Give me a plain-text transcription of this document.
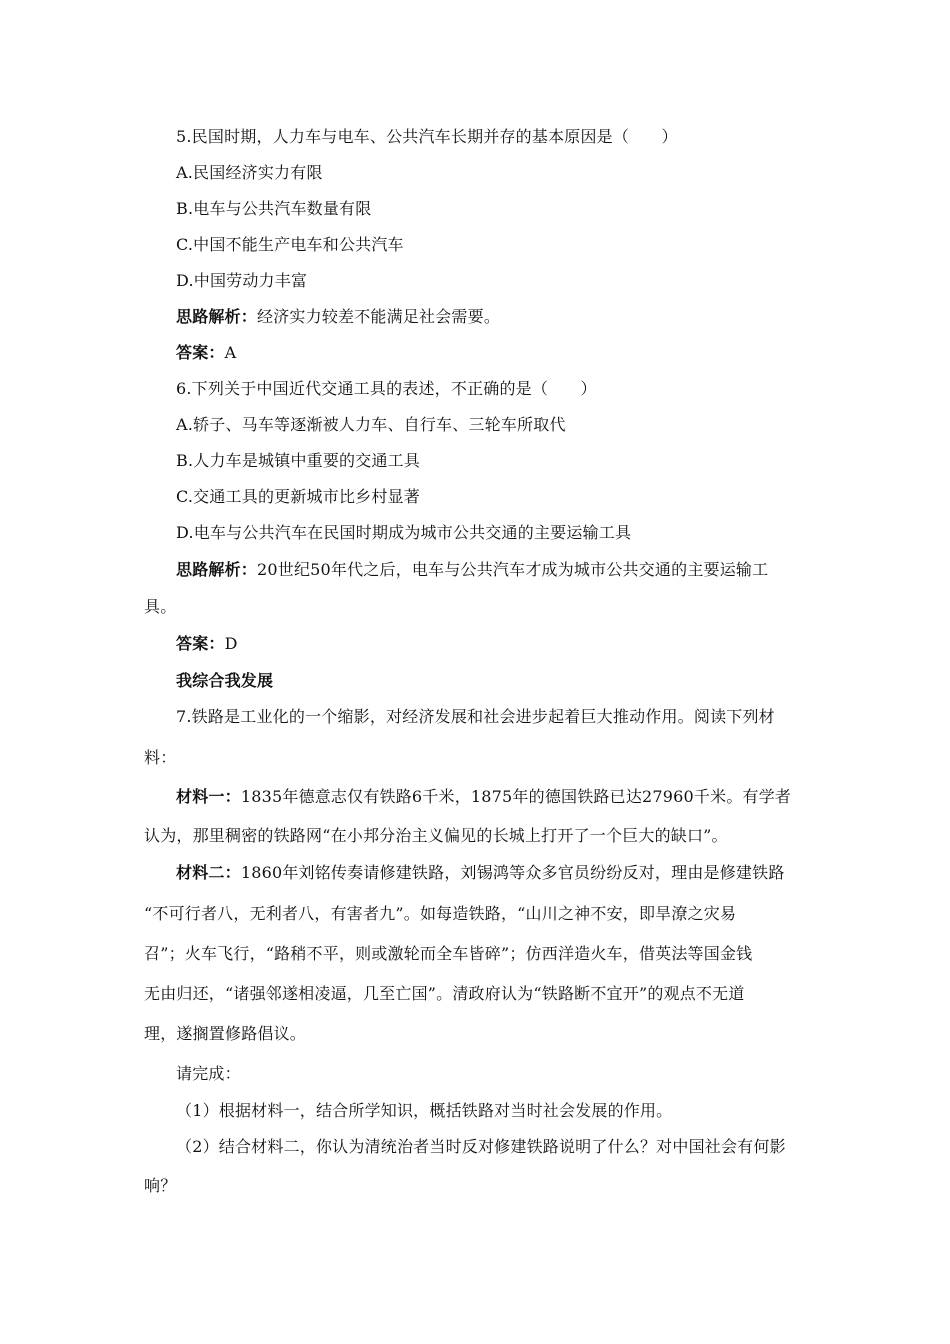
5.民国时期，人力车与电车、公共汽车长期并存的基本原因是（　　）
A.民国经济实力有限
B.电车与公共汽车数量有限
C.中国不能生产电车和公共汽车
D.中国劳动力丰富
思路解析：经济实力较差不能满足社会需要。
答案：A
6.下列关于中国近代交通工具的表述，不正确的是（　　）
A.轿子、马车等逐渐被人力车、自行车、三轮车所取代
B.人力车是城镇中重要的交通工具
C.交通工具的更新城市比乡村显著
D.电车与公共汽车在民国时期成为城市公共交通的主要运输工具
思路解析：20世纪50年代之后，电车与公共汽车才成为城市公共交通的主要运输工
具。
答案：D
我综合我发展
7.铁路是工业化的一个缩影，对经济发展和社会进步起着巨大推动作用。阅读下列材
料：
材料一：1835年德意志仅有铁路6千米，1875年的德国铁路已达27960千米。有学者
认为，那里稠密的铁路网“在小邦分治主义偏见的长城上打开了一个巨大的缺口”。
材料二：1860年刘铭传奏请修建铁路，刘锡鸿等众多官员纷纷反对，理由是修建铁路
“不可行者八，无利者八，有害者九”。如每造铁路，“山川之神不安，即旱潦之灾易
召”；火车飞行，“路稍不平，则或激轮而全车皆碎”；仿西洋造火车，借英法等国金钱
无由归还，“诸强邻遂相凌逼，几至亡国”。清政府认为“铁路断不宜开”的观点不无道
理，遂搁置修路倡议。
请完成：
（1）根据材料一，结合所学知识，概括铁路对当时社会发展的作用。
（2）结合材料二，你认为清统治者当时反对修建铁路说明了什么？对中国社会有何影
响？
